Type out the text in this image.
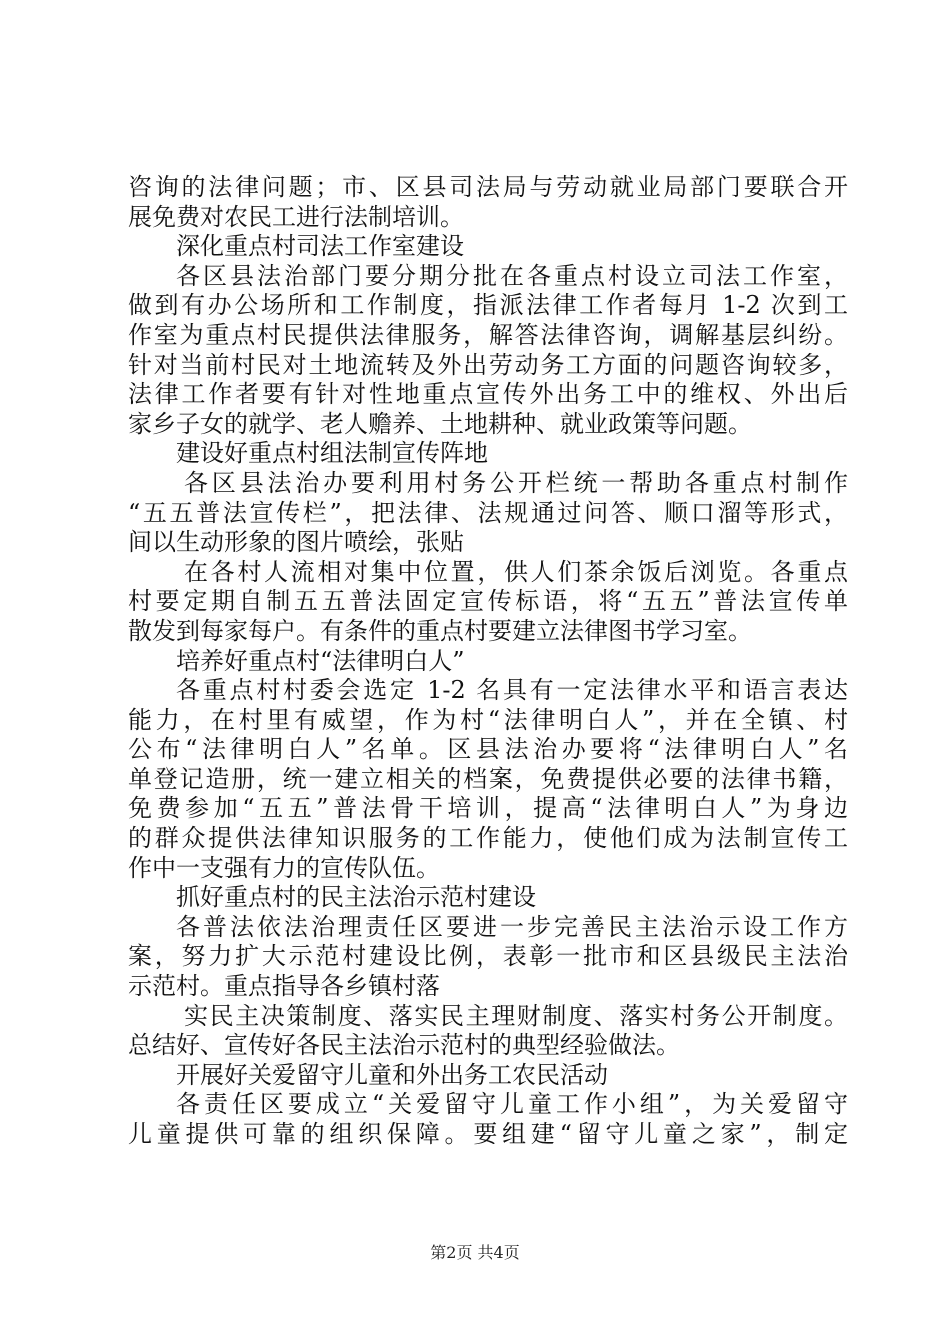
咨询的法律问题；市、区县司法局与劳动就业局部门要联合开
展免费对农民工进行法制培训。
深化重点村司法工作室建设
各区县法治部门要分期分批在各重点村设立司法工作室，
做到有办公场所和工作制度，指派法律工作者每月 1-2 次到工
作室为重点村民提供法律服务，解答法律咨询，调解基层纠纷。
针对当前村民对土地流转及外出劳动务工方面的问题咨询较多，
法律工作者要有针对性地重点宣传外出务工中的维权、外出后
家乡子女的就学、老人赡养、土地耕种、就业政策等问题。
建设好重点村组法制宣传阵地
各区县法治办要利用村务公开栏统一帮助各重点村制作
“五五普法宣传栏”，把法律、法规通过问答、顺口溜等形式，
间以生动形象的图片喷绘，张贴
在各村人流相对集中位置，供人们茶余饭后浏览。各重点
村要定期自制五五普法固定宣传标语，将“五五”普法宣传单
散发到每家每户。有条件的重点村要建立法律图书学习室。
培养好重点村“法律明白人”
各重点村村委会选定 1-2 名具有一定法律水平和语言表达
能力，在村里有威望，作为村“法律明白人”，并在全镇、村
公布“法律明白人”名单。区县法治办要将“法律明白人”名
单登记造册，统一建立相关的档案，免费提供必要的法律书籍，
免费参加“五五”普法骨干培训，提高“法律明白人”为身边
的群众提供法律知识服务的工作能力，使他们成为法制宣传工
作中一支强有力的宣传队伍。
抓好重点村的民主法治示范村建设
各普法依法治理责任区要进一步完善民主法治示设工作方
案，努力扩大示范村建设比例，表彰一批市和区县级民主法治
示范村。重点指导各乡镇村落
实民主决策制度、落实民主理财制度、落实村务公开制度。
总结好、宣传好各民主法治示范村的典型经验做法。
开展好关爱留守儿童和外出务工农民活动
各责任区要成立“关爱留守儿童工作小组”，为关爱留守
儿童提供可靠的组织保障。要组建“留守儿童之家”，制定
第2页 共4页
